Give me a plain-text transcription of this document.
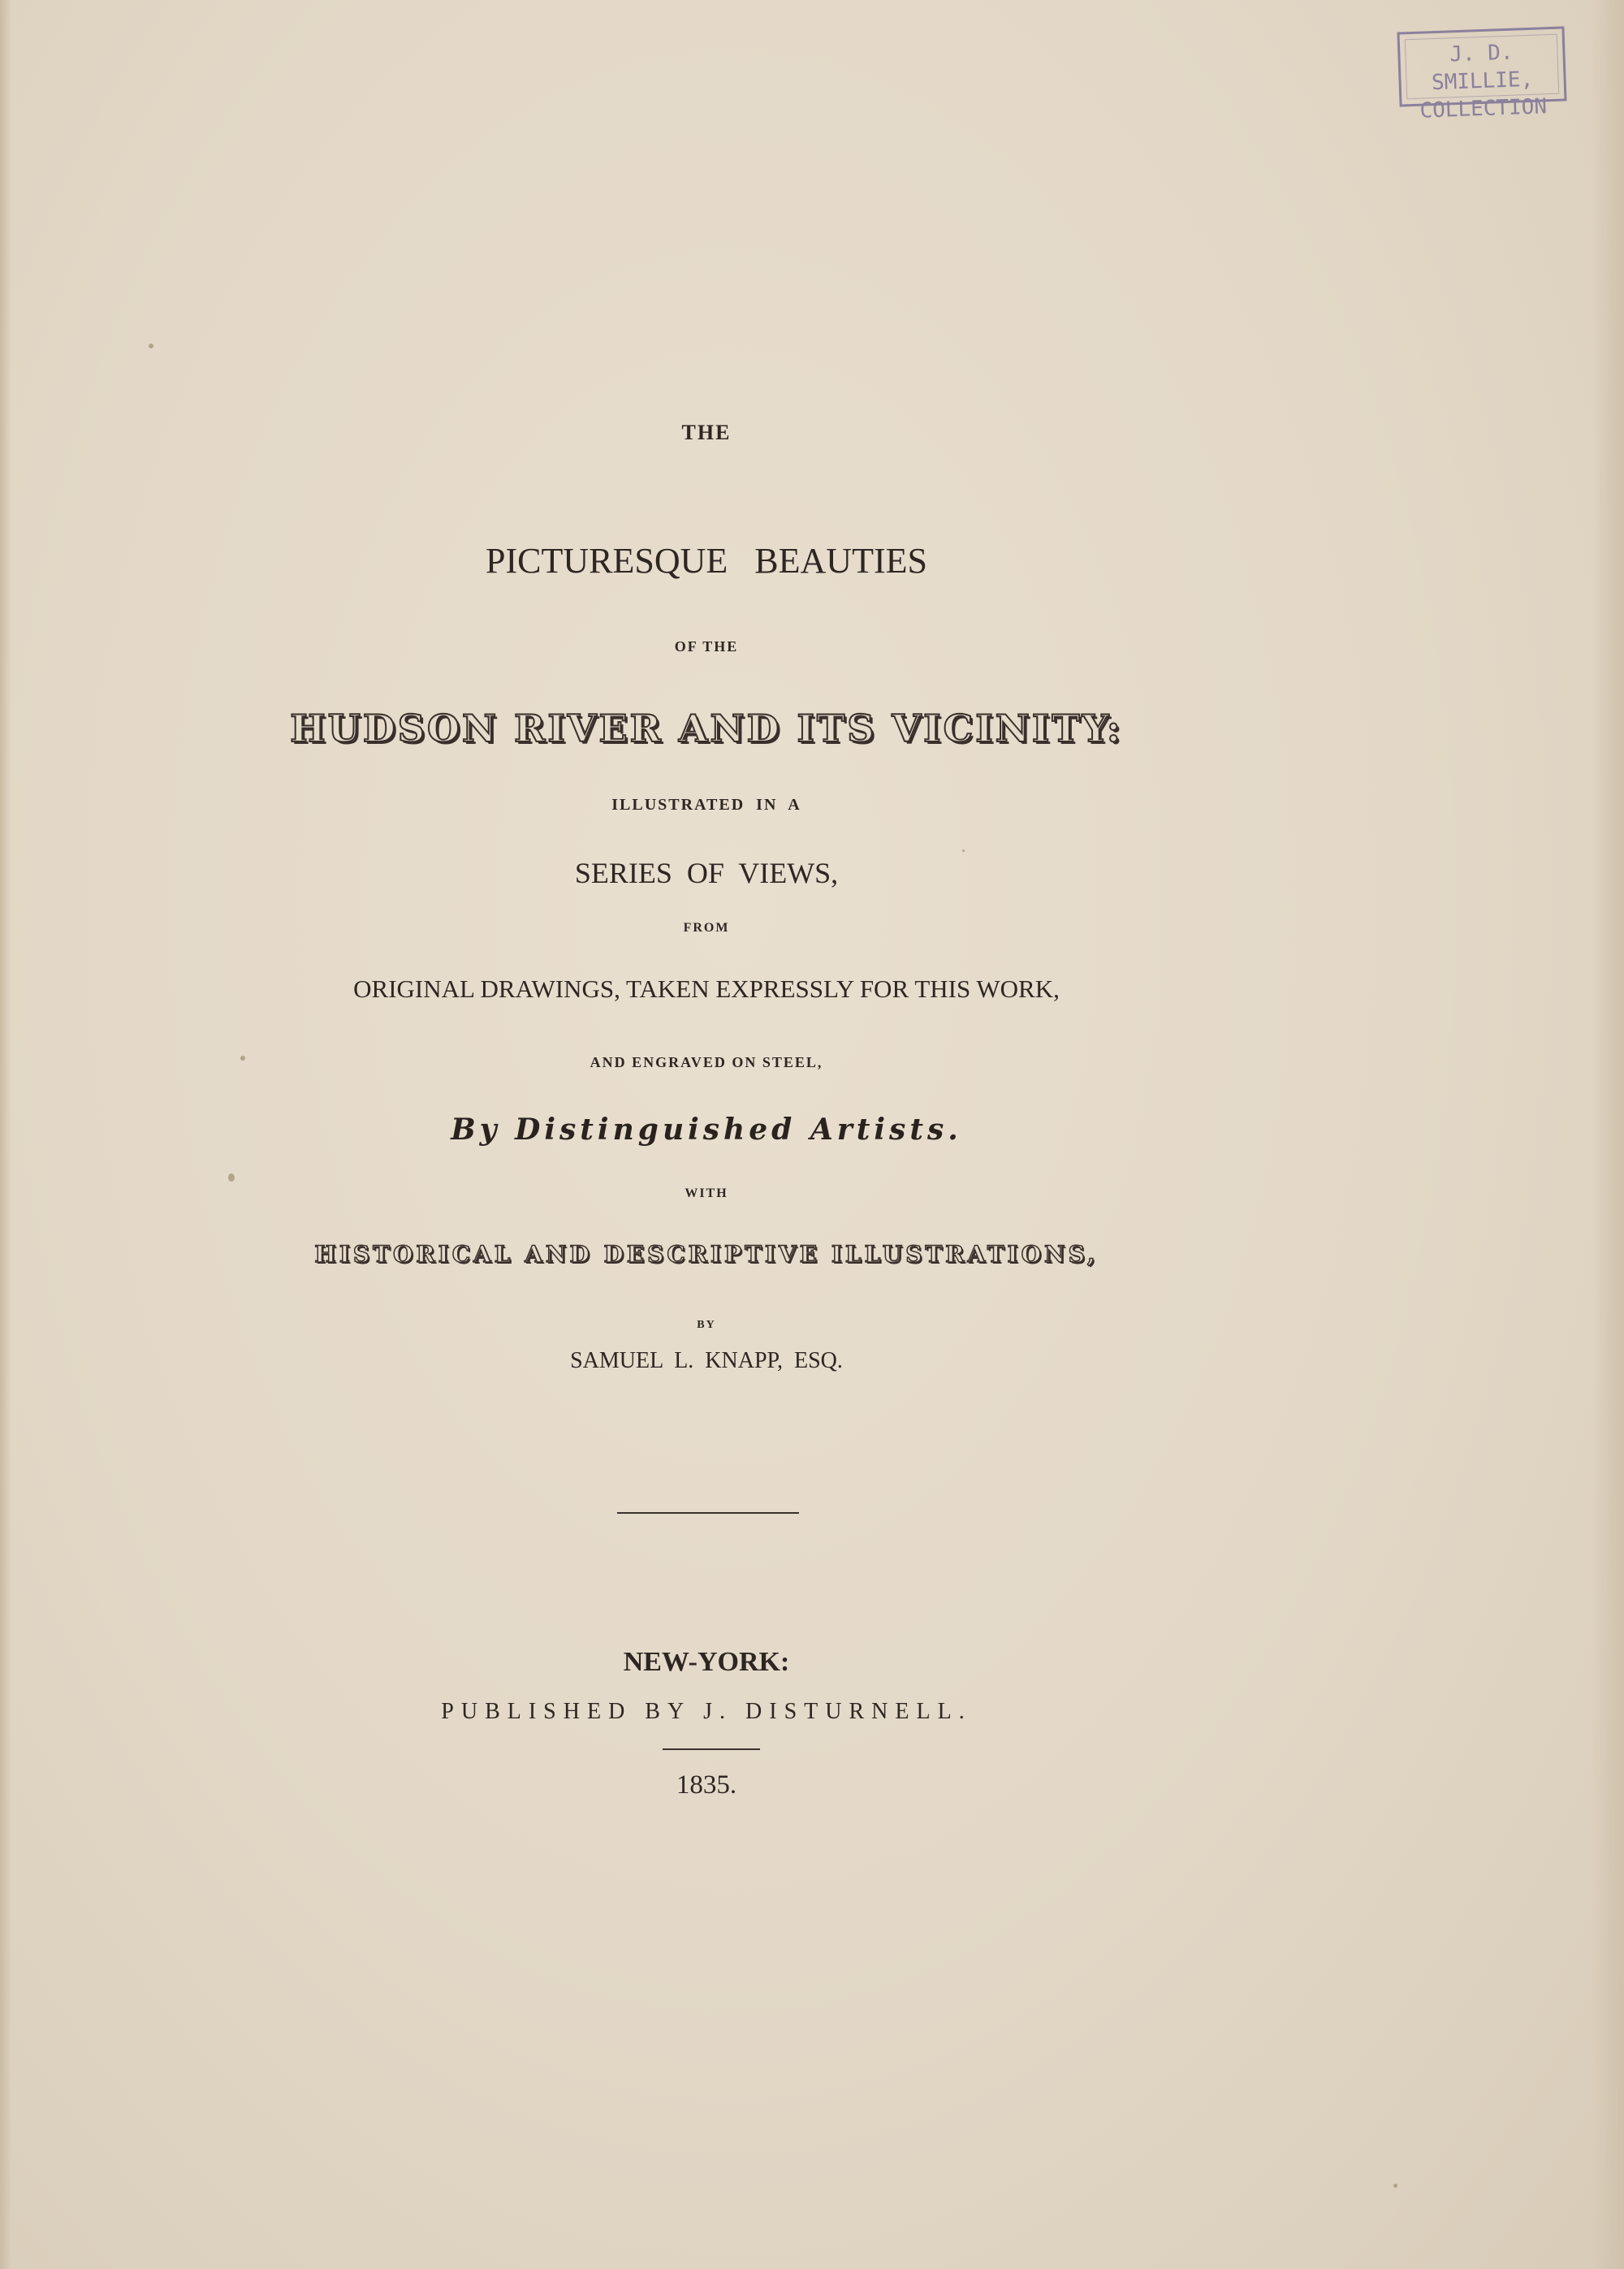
J. D. SMILLIE,
COLLECTION
THE
PICTURESQUE   BEAUTIES
OF THE
HUDSON RIVER AND ITS VICINITY:
ILLUSTRATED  IN  A
SERIES  OF  VIEWS,
FROM
ORIGINAL DRAWINGS, TAKEN EXPRESSLY FOR THIS WORK,
AND ENGRAVED ON STEEL,
By Distinguished Artists.
WITH
HISTORICAL AND DESCRIPTIVE ILLUSTRATIONS,
BY
SAMUEL  L.  KNAPP,  ESQ.
NEW-YORK:
PUBLISHED BY J. DISTURNELL.
1835.
